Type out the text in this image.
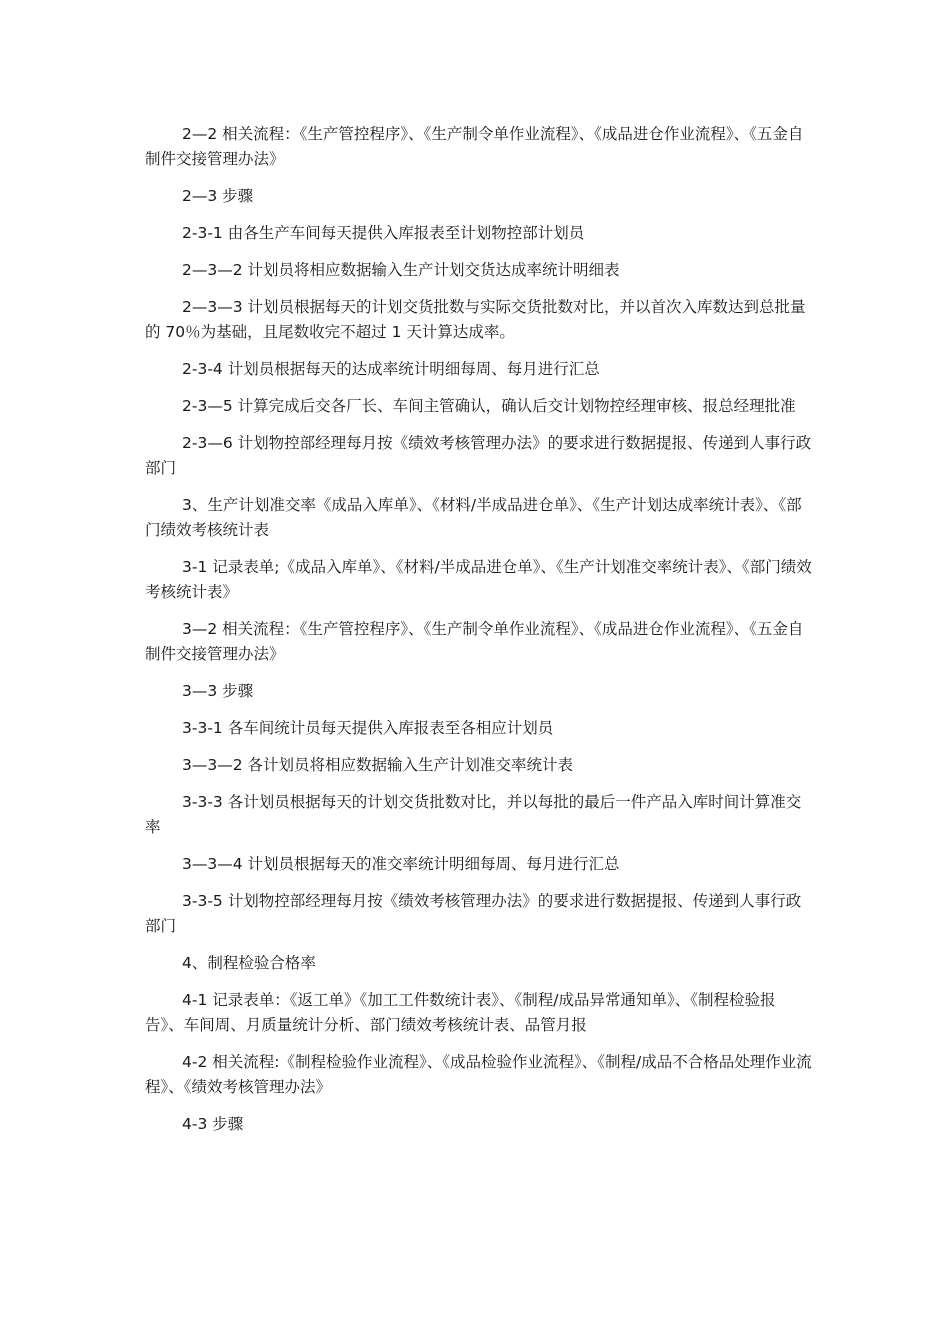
2—2 相关流程：《生产管控程序》、《生产制令单作业流程》、《成品进仓作业流程》、《五金自制件交接管理办法》

2—3 步骤

2-3-1 由各生产车间每天提供入库报表至计划物控部计划员

2—3—2 计划员将相应数据输入生产计划交货达成率统计明细表

2—3—3 计划员根据每天的计划交货批数与实际交货批数对比，并以首次入库数达到总批量的 70％为基础，且尾数收完不超过 1 天计算达成率。

2-3-4 计划员根据每天的达成率统计明细每周、每月进行汇总

2-3—5 计算完成后交各厂长、车间主管确认，确认后交计划物控经理审核、报总经理批准

2-3—6 计划物控部经理每月按《绩效考核管理办法》的要求进行数据提报、传递到人事行政部门

3、生产计划准交率《成品入库单》、《材料/半成品进仓单》、《生产计划达成率统计表》、《部门绩效考核统计表

3-1 记录表单;《成品入库单》、《材料/半成品进仓单》、《生产计划准交率统计表》、《部门绩效考核统计表》

3—2 相关流程：《生产管控程序》、《生产制令单作业流程》、《成品进仓作业流程》、《五金自制件交接管理办法》

3—3 步骤

3-3-1 各车间统计员每天提供入库报表至各相应计划员

3—3—2 各计划员将相应数据输入生产计划准交率统计表

3-3-3 各计划员根据每天的计划交货批数对比，并以每批的最后一件产品入库时间计算准交率

3—3—4 计划员根据每天的准交率统计明细每周、每月进行汇总

3-3-5 计划物控部经理每月按《绩效考核管理办法》的要求进行数据提报、传递到人事行政部门

4、制程检验合格率

4-1 记录表单：《返工单》《加工工件数统计表》、《制程/成品异常通知单》、《制程检验报告》、车间周、月质量统计分析、部门绩效考核统计表、品管月报

4-2 相关流程:《制程检验作业流程》、《成品检验作业流程》、《制程/成品不合格品处理作业流程》、《绩效考核管理办法》

4-3 步骤
